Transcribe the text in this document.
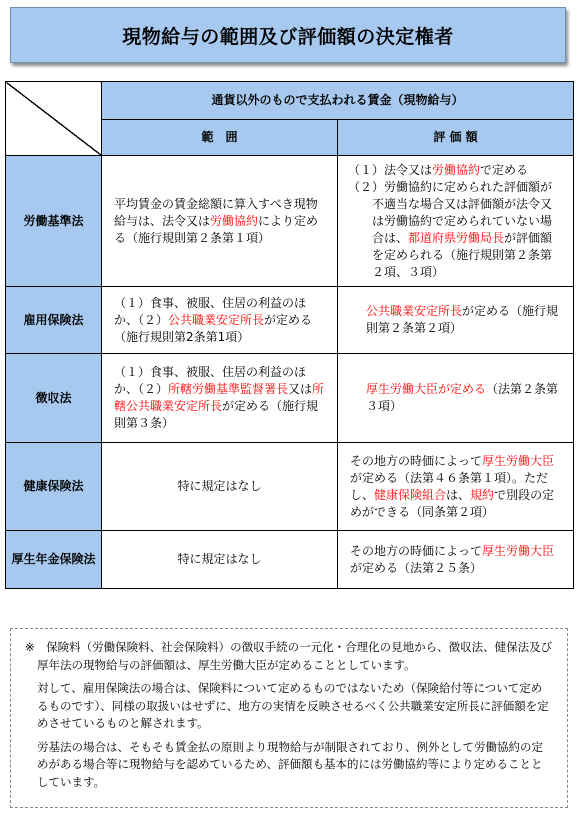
現物給与の範囲及び評価額の決定権者
	通貨以外のもので支払われる賃金（現物給与）	
	範　囲	評 価 額
労働基準法	平均賃金の賃金総額に算入すべき現物給与は、法令又は労働協約により定める（施行規則第２条第１項）	（１）法令又は労働協約で定める
（２）労働協約に定められた評価額が不適当な場合又は評価額が法令又は労働協約で定められていない場合は、都道府県労働局長が評価額を定められる（施行規則第２条第２項、３項）

雇用保険法	（１）食事、被服、住居の利益のほか、（２）公共職業安定所長が定める（施行規則第2条第1項）	公共職業安定所長が定める（施行規則第２条第２項）

徴収法	（１）食事、被服、住居の利益のほか、（２）所轄労働基準監督署長又は所轄公共職業安定所長が定める（施行規則第３条）	厚生労働大臣が定める（法第２条第３項）

健康保険法	特に規定はなし	その地方の時価によって厚生労働大臣が定める（法第４６条第１項）。ただし、健康保険組合は、規約で別段の定めができる（同条第２項）

厚生年金保険法	特に規定はなし	その地方の時価によって厚生労働大臣が定める（法第２５条）

※　保険料（労働保険料、社会保険料）の徴収手続の一元化・合理化の見地から、徴収法、健保法及び厚年法の現物給与の評価額は、厚生労働大臣が定めることとしています。

対して、雇用保険法の場合は、保険料について定めるものではないため（保険給付等について定めるものです）、同様の取扱いはせずに、地方の実情を反映させるべく公共職業安定所長に評価額を定めさせているものと解されます。

労基法の場合は、そもそも賃金払の原則より現物給与が制限されており、例外として労働協約の定めがある場合等に現物給与を認めているため、評価額も基本的には労働協約等により定めることとしています。
